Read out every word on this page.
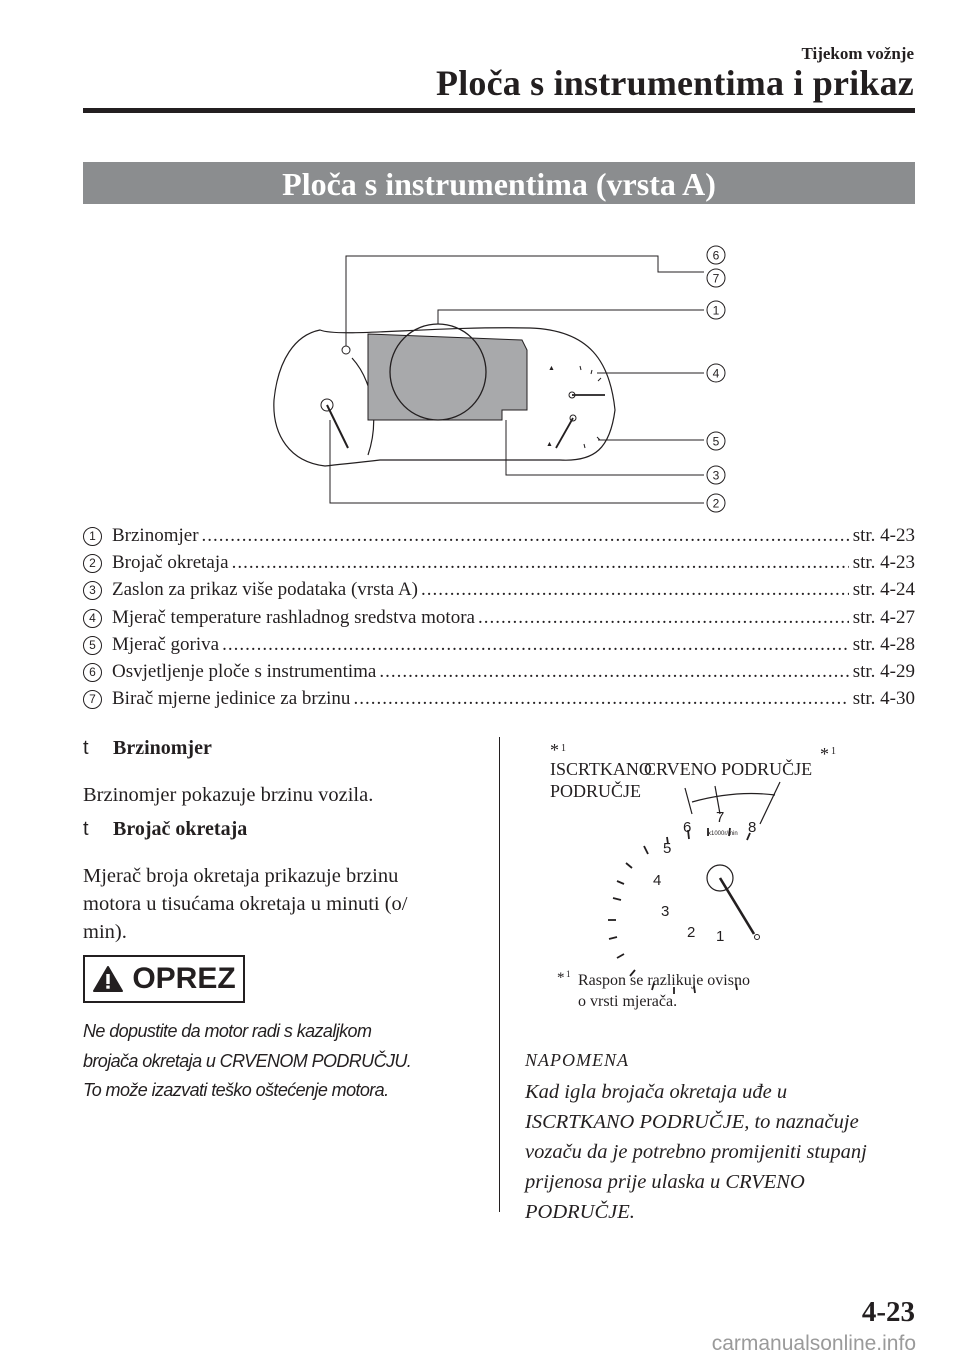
Tijekom vožnje
Ploča s instrumentima i prikaz
Ploča s instrumentima (vrsta A)
▲
▲
6
7
1
4
5
3
2
1 Brzinomjer .....	str. 4-23
2 Brojač okretaja .....	str. 4-23
3 Zaslon za prikaz više podataka (vrsta A) .....	str. 4-24
4 Mjerač temperature rashladnog sredstva motora .....	str. 4-27
5 Mjerač goriva .....	str. 4-28
6 Osvjetljenje ploče s instrumentima .....	str. 4-29
7 Birač mjerne jedinice za brzinu .....	str. 4-30
t	Brzinomjer
Brzinomjer pokazuje brzinu vozila.
t	Brojač okretaja
Mjerač broja okretaja prikazuje brzinu
motora u tisućama okretaja u minuti (o/
min).
OPREZ
Ne dopustite da motor radi s kazaljkom
brojača okretaja u CRVENOM PODRUČJU.
To može izazvati teško oštećenje motora.
* 1
ISCRTKANO
PODRUČJE
CRVENO PODRUČJE
* 1
1
2
3
4
5
6
7
8
x1000r/min
* 1 Raspon se razlikuje ovisno
o vrsti mjerača.
NAPOMENA
Kad igla brojača okretaja uđe u
ISCRTKANO PODRUČJE, to naznačuje
vozaču da je potrebno promijeniti stupanj
prijenosa prije ulaska u CRVENO
PODRUČJE.
4-23
carmanualsonline.info
